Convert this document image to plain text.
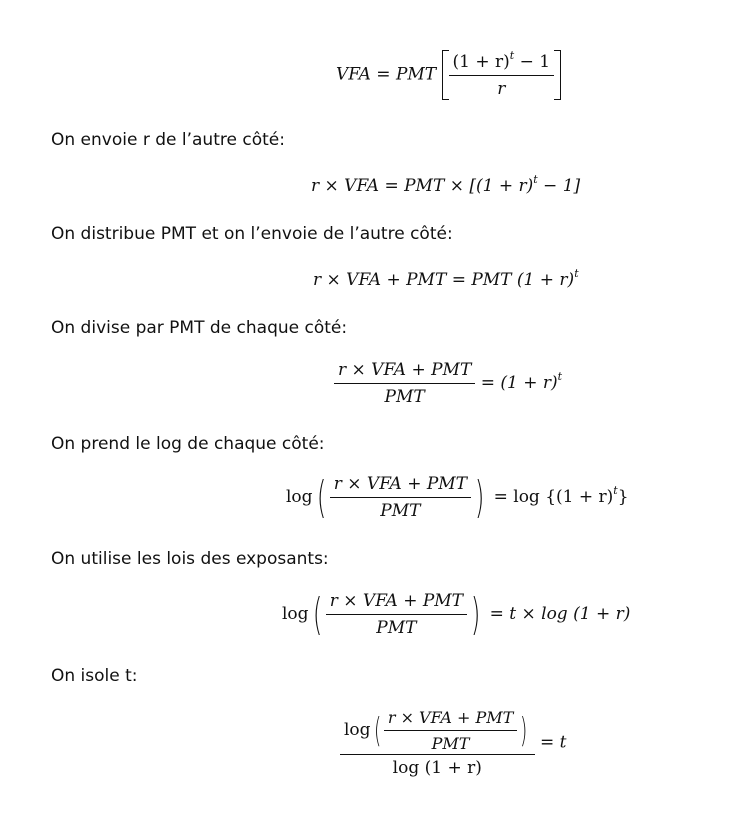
VFA = PMT $\frac{(1 + r)^t - 1}{r}$
On envoie r de l’autre côté:
r × VFA = PMT × $[(1 + r)^t - 1]$
On distribue PMT et on l’envoie de l’autre côté:
r × VFA + PMT = PMT $(1 + r)^t$
On divise par PMT de chaque côté:
$\frac{\text{r × VFA + PMT}}{\text{PMT}} = (1 + r)^t$
On prend le log de chaque côté:
$\log( \frac{\text{r × VFA + PMT}}{\text{PMT}}$ ) = $\log \{(1 + r)^t\}$
On utilise les lois des exposants:
$\log( \frac{\text{r × VFA + PMT}}{\text{PMT}}$ ) = t × log (1 + r)
On isole t:
$\frac{\log( \frac{\text{r × VFA + PMT}}{\text{PMT}} )}{\log (1 + r)} = t$
